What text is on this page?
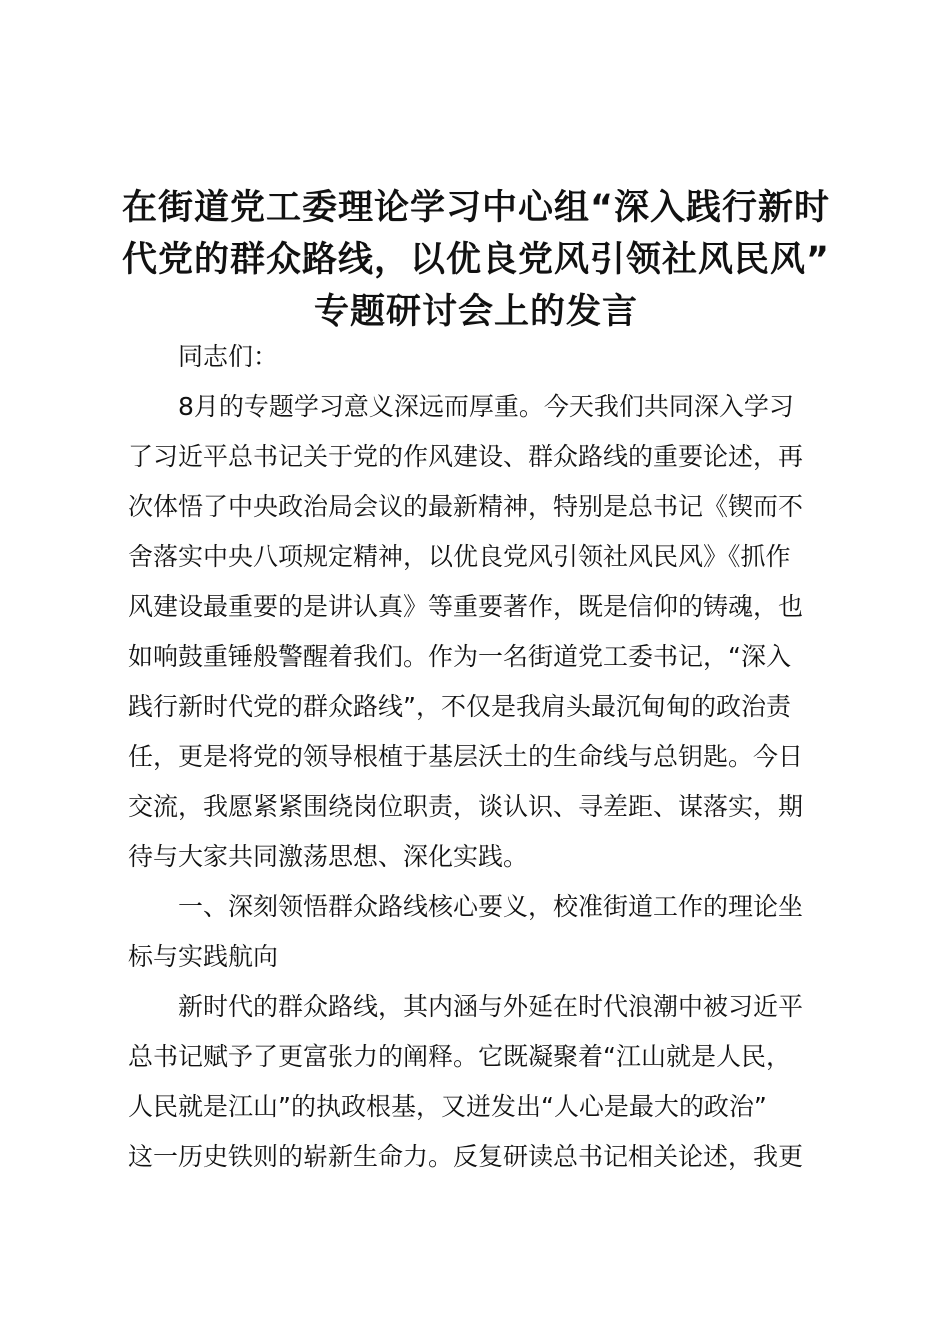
在街道党工委理论学习中心组“深入践行新时
代党的群众路线，以优良党风引领社风民风”
专题研讨会上的发言
同志们：
8月的专题学习意义深远而厚重。今天我们共同深入学习
了习近平总书记关于党的作风建设、群众路线的重要论述，再
次体悟了中央政治局会议的最新精神，特别是总书记《锲而不
舍落实中央八项规定精神，以优良党风引领社风民风》《抓作
风建设最重要的是讲认真》等重要著作，既是信仰的铸魂，也
如响鼓重锤般警醒着我们。作为一名街道党工委书记，“深入
践行新时代党的群众路线”，不仅是我肩头最沉甸甸的政治责
任，更是将党的领导根植于基层沃土的生命线与总钥匙。今日
交流，我愿紧紧围绕岗位职责，谈认识、寻差距、谋落实，期
待与大家共同激荡思想、深化实践。
一、深刻领悟群众路线核心要义，校准街道工作的理论坐
标与实践航向
新时代的群众路线，其内涵与外延在时代浪潮中被习近平
总书记赋予了更富张力的阐释。它既凝聚着“江山就是人民，
人民就是江山”的执政根基，又迸发出“人心是最大的政治”
这一历史铁则的崭新生命力。反复研读总书记相关论述，我更
